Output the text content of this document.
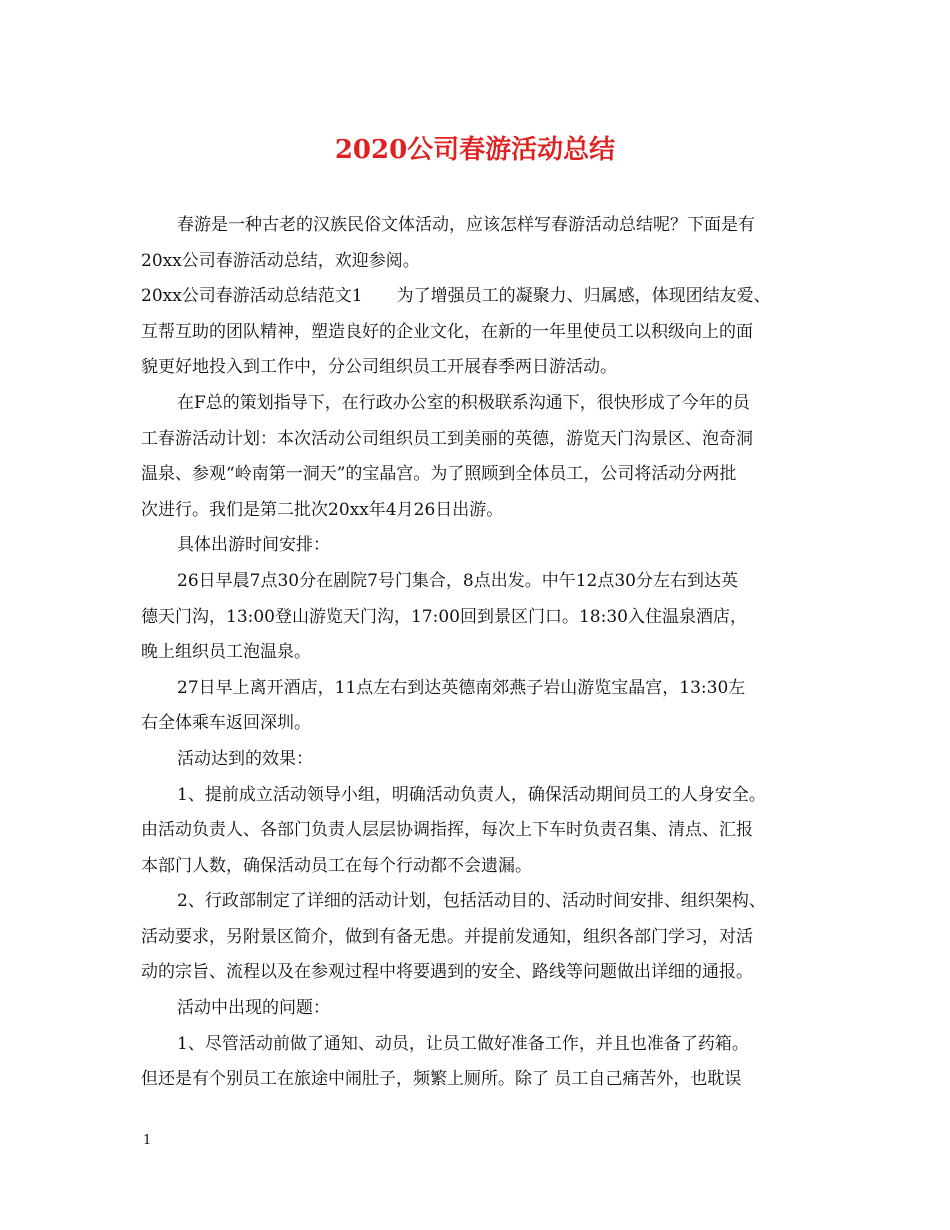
2020公司春游活动总结
春游是一种古老的汉族民俗文体活动，应该怎样写春游活动总结呢？下面是有
20xx公司春游活动总结，欢迎参阅。
20xx公司春游活动总结范文1　　为了增强员工的凝聚力、归属感，体现团结友爱、
互帮互助的团队精神，塑造良好的企业文化，在新的一年里使员工以积级向上的面
貌更好地投入到工作中，分公司组织员工开展春季两日游活动。
在F总的策划指导下，在行政办公室的积极联系沟通下，很快形成了今年的员
工春游活动计划：本次活动公司组织员工到美丽的英德，游览天门沟景区、泡奇洞
温泉、参观“岭南第一洞天”的宝晶宫。为了照顾到全体员工，公司将活动分两批
次进行。我们是第二批次20xx年4月26日出游。
具体出游时间安排：
26日早晨7点30分在剧院7号门集合，8点出发。中午12点30分左右到达英
德天门沟，13:00登山游览天门沟，17:00回到景区门口。18:30入住温泉酒店，
晚上组织员工泡温泉。
27日早上离开酒店，11点左右到达英德南郊燕子岩山游览宝晶宫，13:30左
右全体乘车返回深圳。
活动达到的效果：
1、提前成立活动领导小组，明确活动负责人，确保活动期间员工的人身安全。
由活动负责人、各部门负责人层层协调指挥，每次上下车时负责召集、清点、汇报
本部门人数，确保活动员工在每个行动都不会遗漏。
2、行政部制定了详细的活动计划，包括活动目的、活动时间安排、组织架构、
活动要求，另附景区简介，做到有备无患。并提前发通知，组织各部门学习，对活
动的宗旨、流程以及在参观过程中将要遇到的安全、路线等问题做出详细的通报。
活动中出现的问题：
1、尽管活动前做了通知、动员，让员工做好准备工作，并且也准备了药箱。
但还是有个别员工在旅途中闹肚子，频繁上厕所。除了 员工自己痛苦外，也耽误
1
